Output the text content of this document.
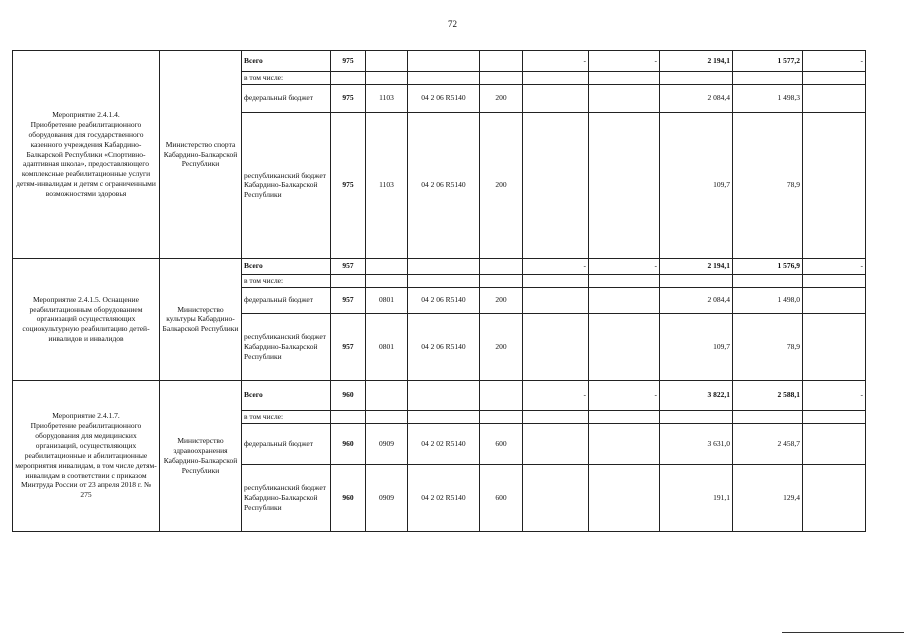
72
Мероприятие 2.4.1.4.
Приобретение реабилитационного оборудования для государственного казенного учреждения Кабардино-Балкарской Республики «Спортивно-адаптивная школа», предоставляющего комплексные реабилитационные услуги детям-инвалидам и детям с ограниченными возможностями здоровья	Министерство спорта Кабардино-Балкарской Республики	Всего	975				-	-	2 194,1	1 577,2	-
		в том числе:									
		федеральный бюджет	975	1103	04 2 06 R5140	200			2 084,4	1 498,3	
		республиканский бюджет Кабардино-Балкарской Республики	975	1103	04 2 06 R5140	200			109,7	78,9	
Мероприятие 2.4.1.5. Оснащение реабилитационным оборудованием организаций осуществляющих социокультурную реабилитацию детей-инвалидов и инвалидов	Министерство культуры Кабардино-Балкарской Республики	Всего	957				-	-	2 194,1	1 576,9	-
		в том числе:									
		федеральный бюджет	957	0801	04 2 06 R5140	200			2 084,4	1 498,0	
		республиканский бюджет Кабардино-Балкарской Республики	957	0801	04 2 06 R5140	200			109,7	78,9	
Мероприятие 2.4.1.7.
Приобретение реабилитационного оборудования для медицинских организаций, осуществляющих реабилитационные и абилитационные мероприятия инвалидам, в том числе детям-инвалидам в соответствии с приказом Минтруда России от 23 апреля 2018 г. № 275	Министерство здравоохранения Кабардино-Балкарской Республики	Всего	960				-	-	3 822,1	2 588,1	-
		в том числе:									
		федеральный бюджет	960	0909	04 2 02 R5140	600			3 631,0	2 458,7	
		республиканский бюджет Кабардино-Балкарской Республики	960	0909	04 2 02 R5140	600			191,1	129,4	
